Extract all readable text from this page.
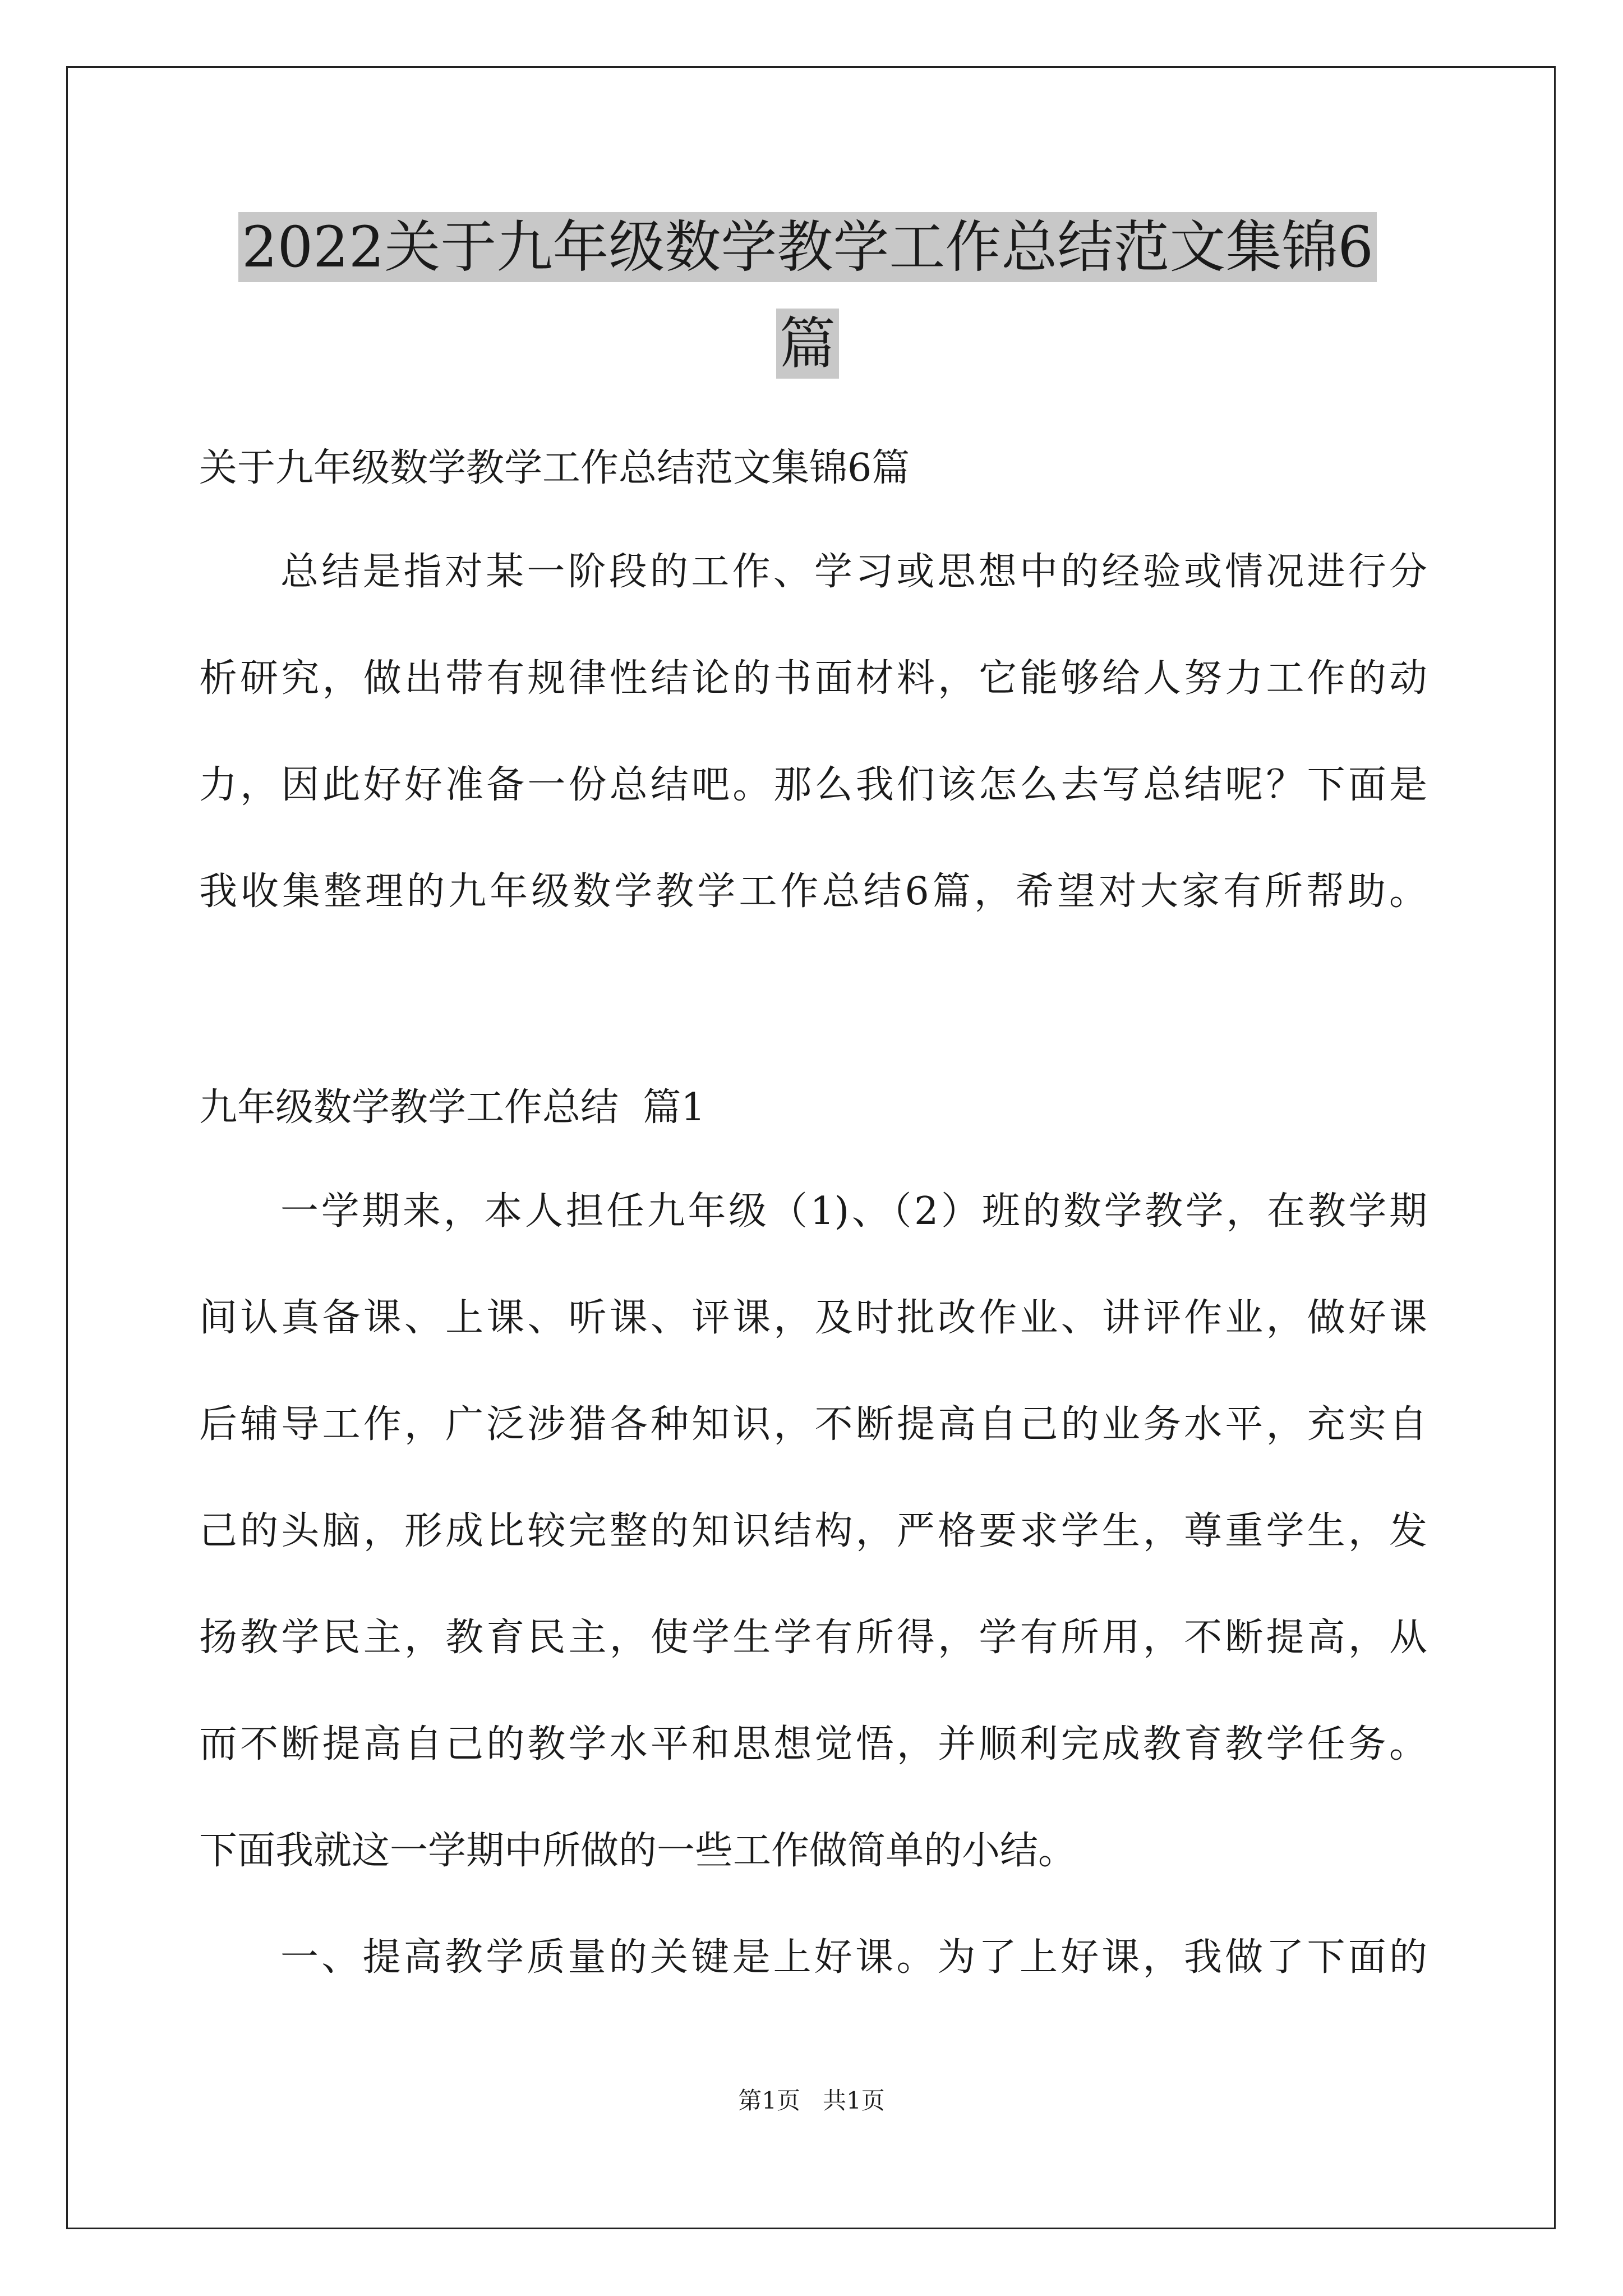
2022关于九年级数学教学工作总结范文集锦6
篇

关于九年级数学教学工作总结范文集锦6篇

总结是指对某一阶段的工作、学习或思想中的经验或情况进行分

析研究，做出带有规律性结论的书面材料，它能够给人努力工作的动

力，因此好好准备一份总结吧。那么我们该怎么去写总结呢？下面是

我收集整理的九年级数学教学工作总结6篇，希望对大家有所帮助。

九年级数学教学工作总结  篇1

一学期来，本人担任九年级（1)、（2）班的数学教学，在教学期

间认真备课、上课、听课、评课，及时批改作业、讲评作业，做好课

后辅导工作，广泛涉猎各种知识，不断提高自己的业务水平，充实自

己的头脑，形成比较完整的知识结构，严格要求学生，尊重学生，发

扬教学民主，教育民主，使学生学有所得，学有所用，不断提高，从

而不断提高自己的教学水平和思想觉悟，并顺利完成教育教学任务。

下面我就这一学期中所做的一些工作做简单的小结。

一、提高教学质量的关键是上好课。为了上好课，我做了下面的

第1页   共1页
